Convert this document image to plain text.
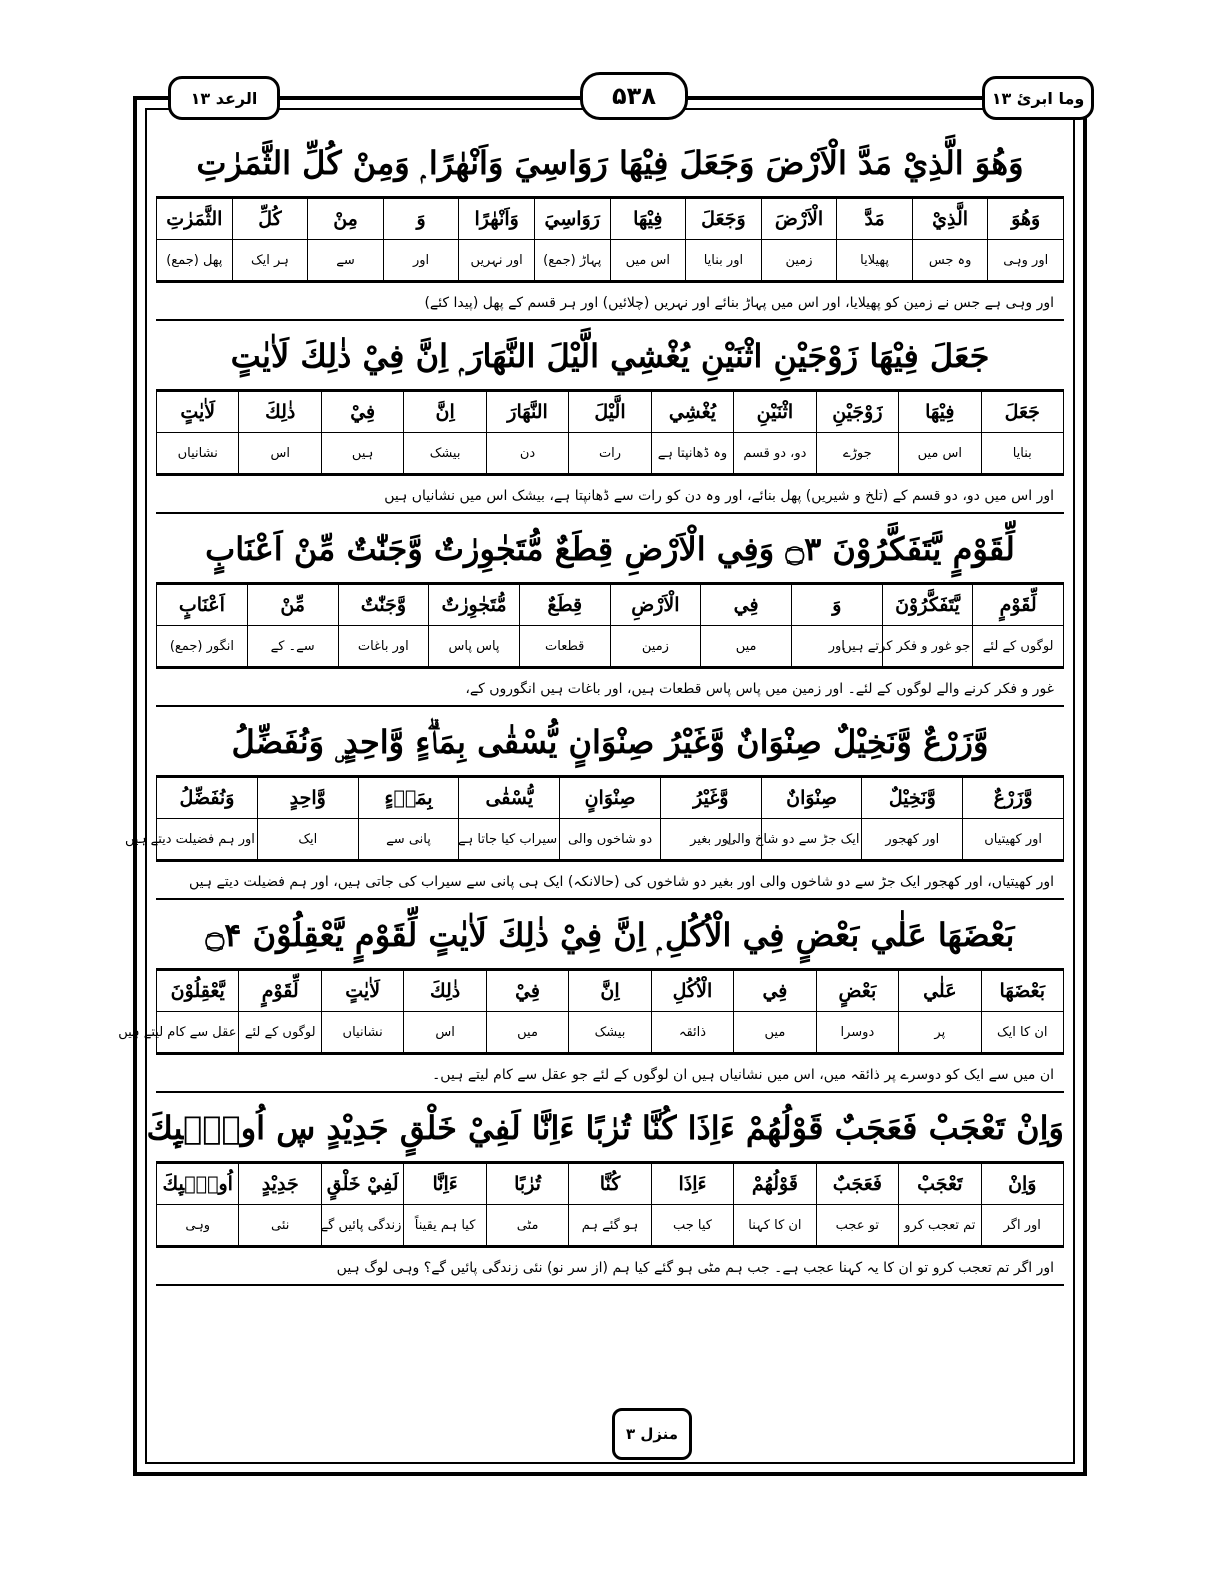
وما ابرئ ۱۳
۵۳۸
الرعد ۱۳
وَهُوَ الَّذِيْ مَدَّ الْاَرْضَ وَجَعَلَ فِيْهَا رَوَاسِيَ وَاَنْهٰرًا ۭ وَمِنْ كُلِّ الثَّمَرٰتِ
وَهُوَ	الَّذِيْ	مَدَّ	الْاَرْضَ	وَجَعَلَ	فِيْهَا	رَوَاسِيَ	وَاَنْهٰرًا	وَ	مِنْ	كُلِّ	الثَّمَرٰتِ
اور وہی	وہ جس	پھیلایا	زمین	اور بنایا	اس میں	پہاڑ (جمع)	اور نہریں	اور	سے	ہر ایک	پھل (جمع)
اور وہی ہے جس نے زمین کو پھیلایا، اور اس میں پہاڑ بنائے اور نہریں (چلائیں) اور ہر قسم کے پھل (پیدا کئے)
جَعَلَ فِيْهَا زَوْجَيْنِ اثْنَيْنِ يُغْشِي الَّيْلَ النَّهَارَ ۭ اِنَّ فِيْ ذٰلِكَ لَاٰيٰتٍ
جَعَلَ	فِيْهَا	زَوْجَيْنِ	اثْنَيْنِ	يُغْشِي	الَّيْلَ	النَّهَارَ	اِنَّ	فِيْ	ذٰلِكَ	لَاٰيٰتٍ
بنایا	اس میں	جوڑے	دو، دو قسم	وہ ڈھانپتا ہے	رات	دن	بیشک	ہیں	اس	نشانیاں
اور اس میں دو، دو قسم کے (تلخ و شیریں) پھل بنائے، اور وہ دن کو رات سے ڈھانپتا ہے، بیشک اس میں نشانیاں ہیں
لِّقَوْمٍ يَّتَفَكَّرُوْنَ ۝۳ وَفِي الْاَرْضِ قِطَعٌ مُّتَجٰوِرٰتٌ وَّجَنّٰتٌ مِّنْ اَعْنَابٍ
لِّقَوْمٍ	يَّتَفَكَّرُوْنَ	وَ	فِي	الْاَرْضِ	قِطَعٌ	مُّتَجٰوِرٰتٌ	وَّجَنّٰتٌ	مِّنْ	اَعْنَابٍ
لوگوں کے لئے	جو غور و فکر کرتے ہیں	اور	میں	زمین	قطعات	پاس پاس	اور باغات	سے۔ کے	انگور (جمع)
غور و فکر کرنے والے لوگوں کے لئے۔ اور زمین میں پاس پاس قطعات ہیں، اور باغات ہیں انگوروں کے،
وَّزَرْعٌ وَّنَخِيْلٌ صِنْوَانٌ وَّغَيْرُ صِنْوَانٍ يُّسْقٰى بِمَاۗءٍ وَّاحِدٍ ۣ وَنُفَضِّلُ
وَّزَرْعٌ	وَّنَخِيْلٌ	صِنْوَانٌ	وَّغَيْرُ	صِنْوَانٍ	يُّسْقٰى	بِمَاۗءٍ	وَّاحِدٍ	وَنُفَضِّلُ
اور کھیتیاں	اور کھجور	ایک جڑ سے دو شاخ والی	اور بغیر	دو شاخوں والی	سیراب کیا جاتا ہے	پانی سے	ایک	اور ہم فضیلت دیتے ہیں
اور کھیتیاں، اور کھجور ایک جڑ سے دو شاخوں والی اور بغیر دو شاخوں کی (حالانکہ) ایک ہی پانی سے سیراب کی جاتی ہیں، اور ہم فضیلت دیتے ہیں
بَعْضَهَا عَلٰي بَعْضٍ فِي الْاُكُلِ ۭ اِنَّ فِيْ ذٰلِكَ لَاٰيٰتٍ لِّقَوْمٍ يَّعْقِلُوْنَ ۝۴
بَعْضَهَا	عَلٰي	بَعْضٍ	فِي	الْاُكُلِ	اِنَّ	فِيْ	ذٰلِكَ	لَاٰيٰتٍ	لِّقَوْمٍ	يَّعْقِلُوْنَ
ان کا ایک	پر	دوسرا	میں	ذائقہ	بیشک	میں	اس	نشانیاں	لوگوں کے لئے	عقل سے کام لیتے ہیں
ان میں سے ایک کو دوسرے پر ذائقہ میں، اس میں نشانیاں ہیں ان لوگوں کے لئے جو عقل سے کام لیتے ہیں۔
وَاِنْ تَعْجَبْ فَعَجَبٌ قَوْلُهُمْ ءَاِذَا كُنَّا تُرٰبًا ءَاِنَّا لَفِيْ خَلْقٍ جَدِيْدٍ ڛ اُولٰۗىِٕكَ
وَاِنْ	تَعْجَبْ	فَعَجَبٌ	قَوْلُهُمْ	ءَاِذَا	كُنَّا	تُرٰبًا	ءَاِنَّا	لَفِيْ خَلْقٍ	جَدِيْدٍ	اُولٰۗىِٕكَ
اور اگر	تم تعجب کرو	تو عجب	ان کا کہنا	کیا جب	ہو گئے ہم	مٹی	کیا ہم یقیناً	زندگی پائیں گے	نئی	وہی
اور اگر تم تعجب کرو تو ان کا یہ کہنا عجب ہے۔ جب ہم مٹی ہو گئے کیا ہم (از سر نو) نئی زندگی پائیں گے؟ وہی لوگ ہیں
منزل ۳
